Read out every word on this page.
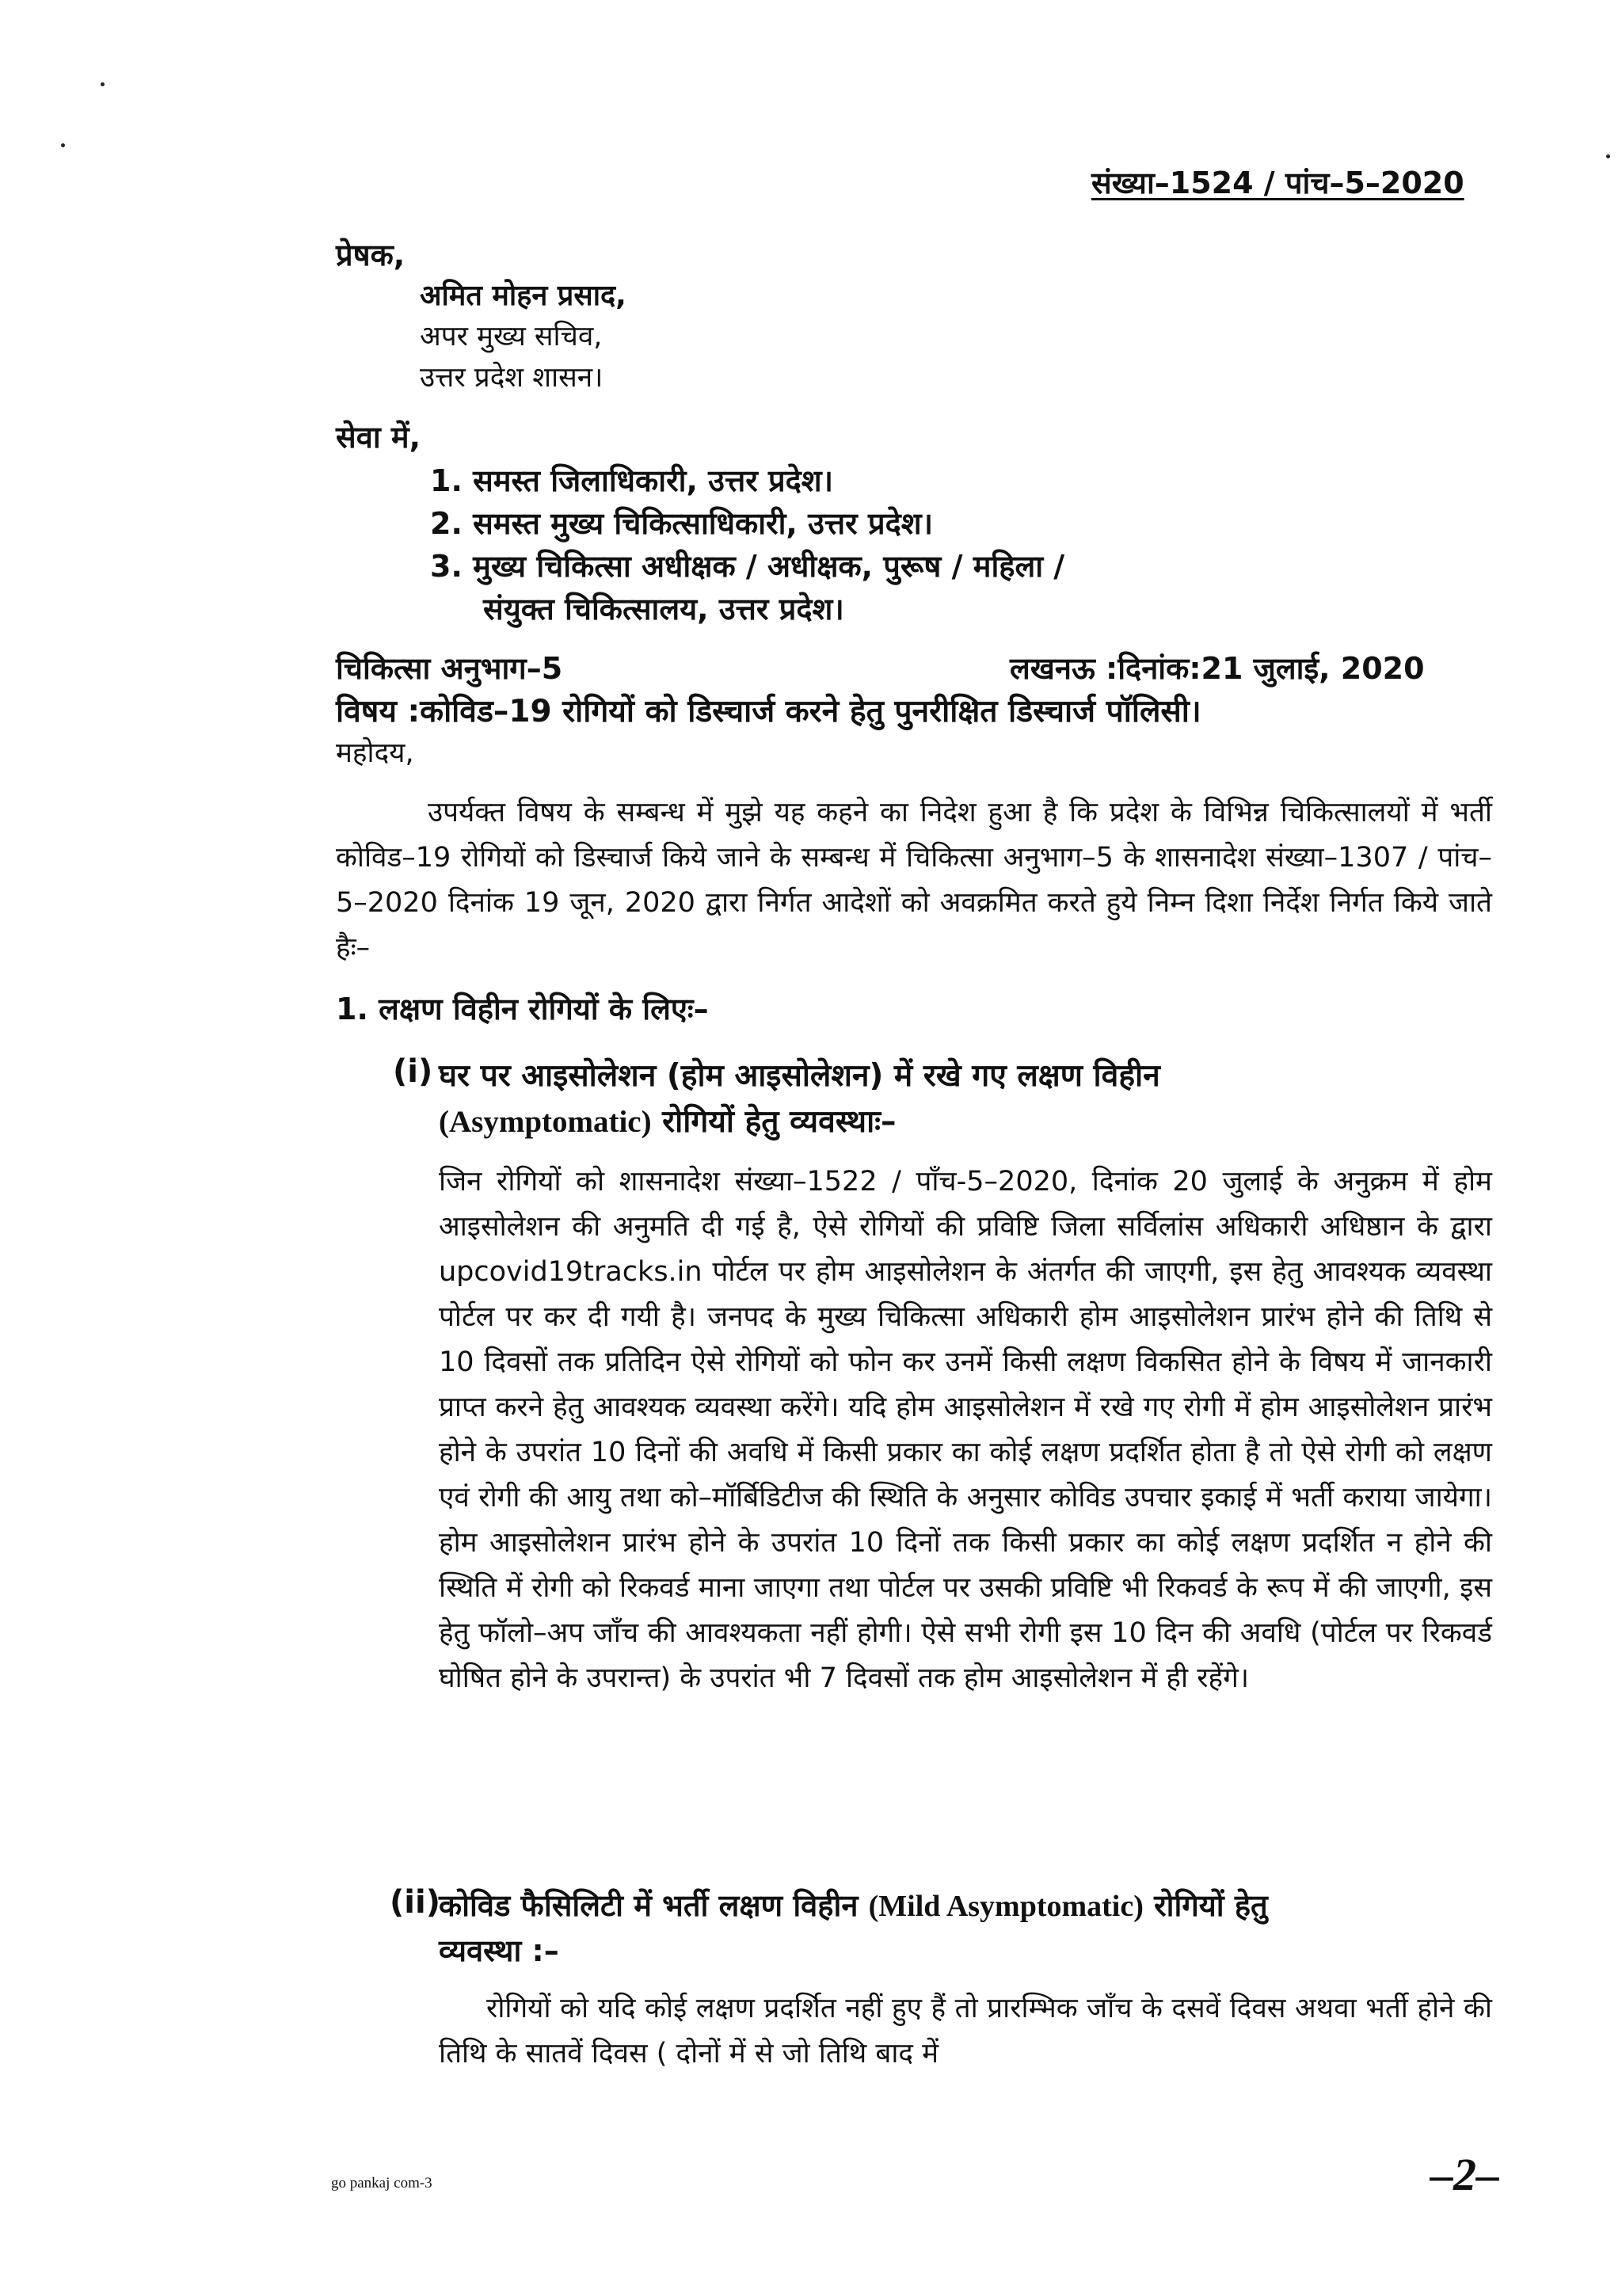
संख्या–1524 / पांच–5–2020
प्रेषक,
अमित मोहन प्रसाद,
अपर मुख्य सचिव,
उत्तर प्रदेश शासन।
सेवा में,
1. समस्त जिलाधिकारी, उत्तर प्रदेश।
2. समस्त मुख्य चिकित्साधिकारी, उत्तर प्रदेश।
3. मुख्य चिकित्सा अधीक्षक / अधीक्षक, पुरूष / महिला /
संयुक्त चिकित्सालय, उत्तर प्रदेश।
चिकित्सा अनुभाग–5	लखनऊ :दिनांक:21 जुलाई, 2020
विषय :कोविड–19 रोगियों को डिस्चार्ज करने हेतु पुनरीक्षित डिस्चार्ज पॉलिसी।
महोदय,
उपर्यक्त विषय के सम्बन्ध में मुझे यह कहने का निदेश हुआ है कि प्रदेश के विभिन्न चिकित्सालयों में भर्ती कोविड–19 रोगियों को डिस्चार्ज किये जाने के सम्बन्ध में चिकित्सा अनुभाग–5 के शासनादेश संख्या–1307 / पांच–5–2020 दिनांक 19 जून, 2020 द्वारा निर्गत आदेशों को अवक्रमित करते हुये निम्न दिशा निर्देश निर्गत किये जाते हैः–
1. लक्षण विहीन रोगियों के लिएः–
(i) घर पर आइसोलेशन (होम आइसोलेशन) में रखे गए लक्षण विहीन
(Asymptomatic) रोगियों हेतु व्यवस्थाः–
जिन रोगियों को शासनादेश संख्या–1522 / पाँच-5–2020, दिनांक 20 जुलाई के अनुक्रम में होम आइसोलेशन की अनुमति दी गई है, ऐसे रोगियों की प्रविष्टि जिला सर्विलांस अधिकारी अधिष्ठान के द्वारा upcovid19tracks.in पोर्टल पर होम आइसोलेशन के अंतर्गत की जाएगी, इस हेतु आवश्यक व्यवस्था पोर्टल पर कर दी गयी है। जनपद के मुख्य चिकित्सा अधिकारी होम आइसोलेशन प्रारंभ होने की तिथि से 10 दिवसों तक प्रतिदिन ऐसे रोगियों को फोन कर उनमें किसी लक्षण विकसित होने के विषय में जानकारी प्राप्त करने हेतु आवश्यक व्यवस्था करेंगे। यदि होम आइसोलेशन में रखे गए रोगी में होम आइसोलेशन प्रारंभ होने के उपरांत 10 दिनों की अवधि में किसी प्रकार का कोई लक्षण प्रदर्शित होता है तो ऐसे रोगी को लक्षण एवं रोगी की आयु तथा को–मॉर्बिडिटीज की स्थिति के अनुसार कोविड उपचार इकाई में भर्ती कराया जायेगा। होम आइसोलेशन प्रारंभ होने के उपरांत 10 दिनों तक किसी प्रकार का कोई लक्षण प्रदर्शित न होने की स्थिति में रोगी को रिकवर्ड माना जाएगा तथा पोर्टल पर उसकी प्रविष्टि भी रिकवर्ड के रूप में की जाएगी, इस हेतु फॉलो–अप जाँच की आवश्यकता नहीं होगी। ऐसे सभी रोगी इस 10 दिन की अवधि (पोर्टल पर रिकवर्ड घोषित होने के उपरान्त) के उपरांत भी 7 दिवसों तक होम आइसोलेशन में ही रहेंगे।
(ii)
कोविड फैसिलिटी में भर्ती लक्षण विहीन (Mild Asymptomatic) रोगियों हेतु
व्यवस्था :–
रोगियों को यदि कोई लक्षण प्रदर्शित नहीं हुए हैं तो प्रारम्भिक जाँच के दसवें दिवस अथवा भर्ती होने की तिथि के सातवें दिवस ( दोनों में से जो तिथि बाद में
go pankaj com-3	–2–
